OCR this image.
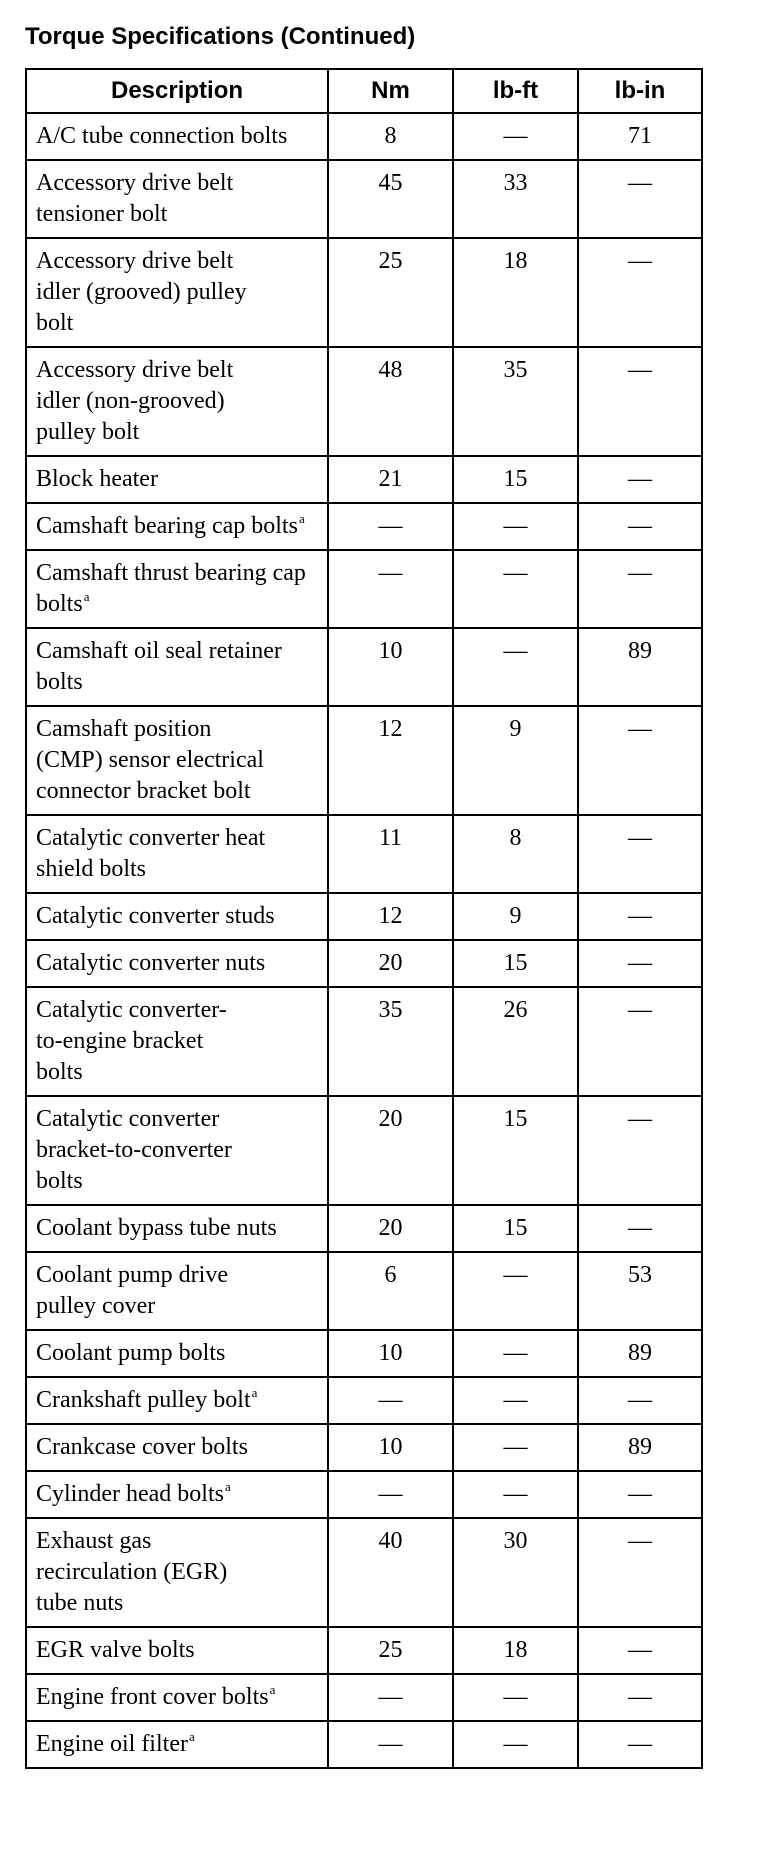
Torque Specifications (Continued)
Description	Nm	lb-ft	lb-in
A/C tube connection bolts	8	—	71
Accessory drive belt tensioner bolt	45	33	—
Accessory drive belt idler (grooved) pulley bolt	25	18	—
Accessory drive belt idler (non-grooved) pulley bolt	48	35	—
Block heater	21	15	—
Camshaft bearing cap bolts$^a$	—	—	—
Camshaft thrust bearing cap bolts$^a$	—	—	—
Camshaft oil seal retainer bolts	10	—	89
Camshaft position (CMP) sensor electrical connector bracket bolt	12	9	—
Catalytic converter heat shield bolts	11	8	—
Catalytic converter studs	12	9	—
Catalytic converter nuts	20	15	—
Catalytic converter-to-engine bracket bolts	35	26	—
Catalytic converter bracket-to-converter bolts	20	15	—
Coolant bypass tube nuts	20	15	—
Coolant pump drive pulley cover	6	—	53
Coolant pump bolts	10	—	89
Crankshaft pulley bolt$^a$	—	—	—
Crankcase cover bolts	10	—	89
Cylinder head bolts$^a$	—	—	—
Exhaust gas recirculation (EGR) tube nuts	40	30	—
EGR valve bolts	25	18	—
Engine front cover bolts$^a$	—	—	—
Engine oil filter$^a$	—	—	—
